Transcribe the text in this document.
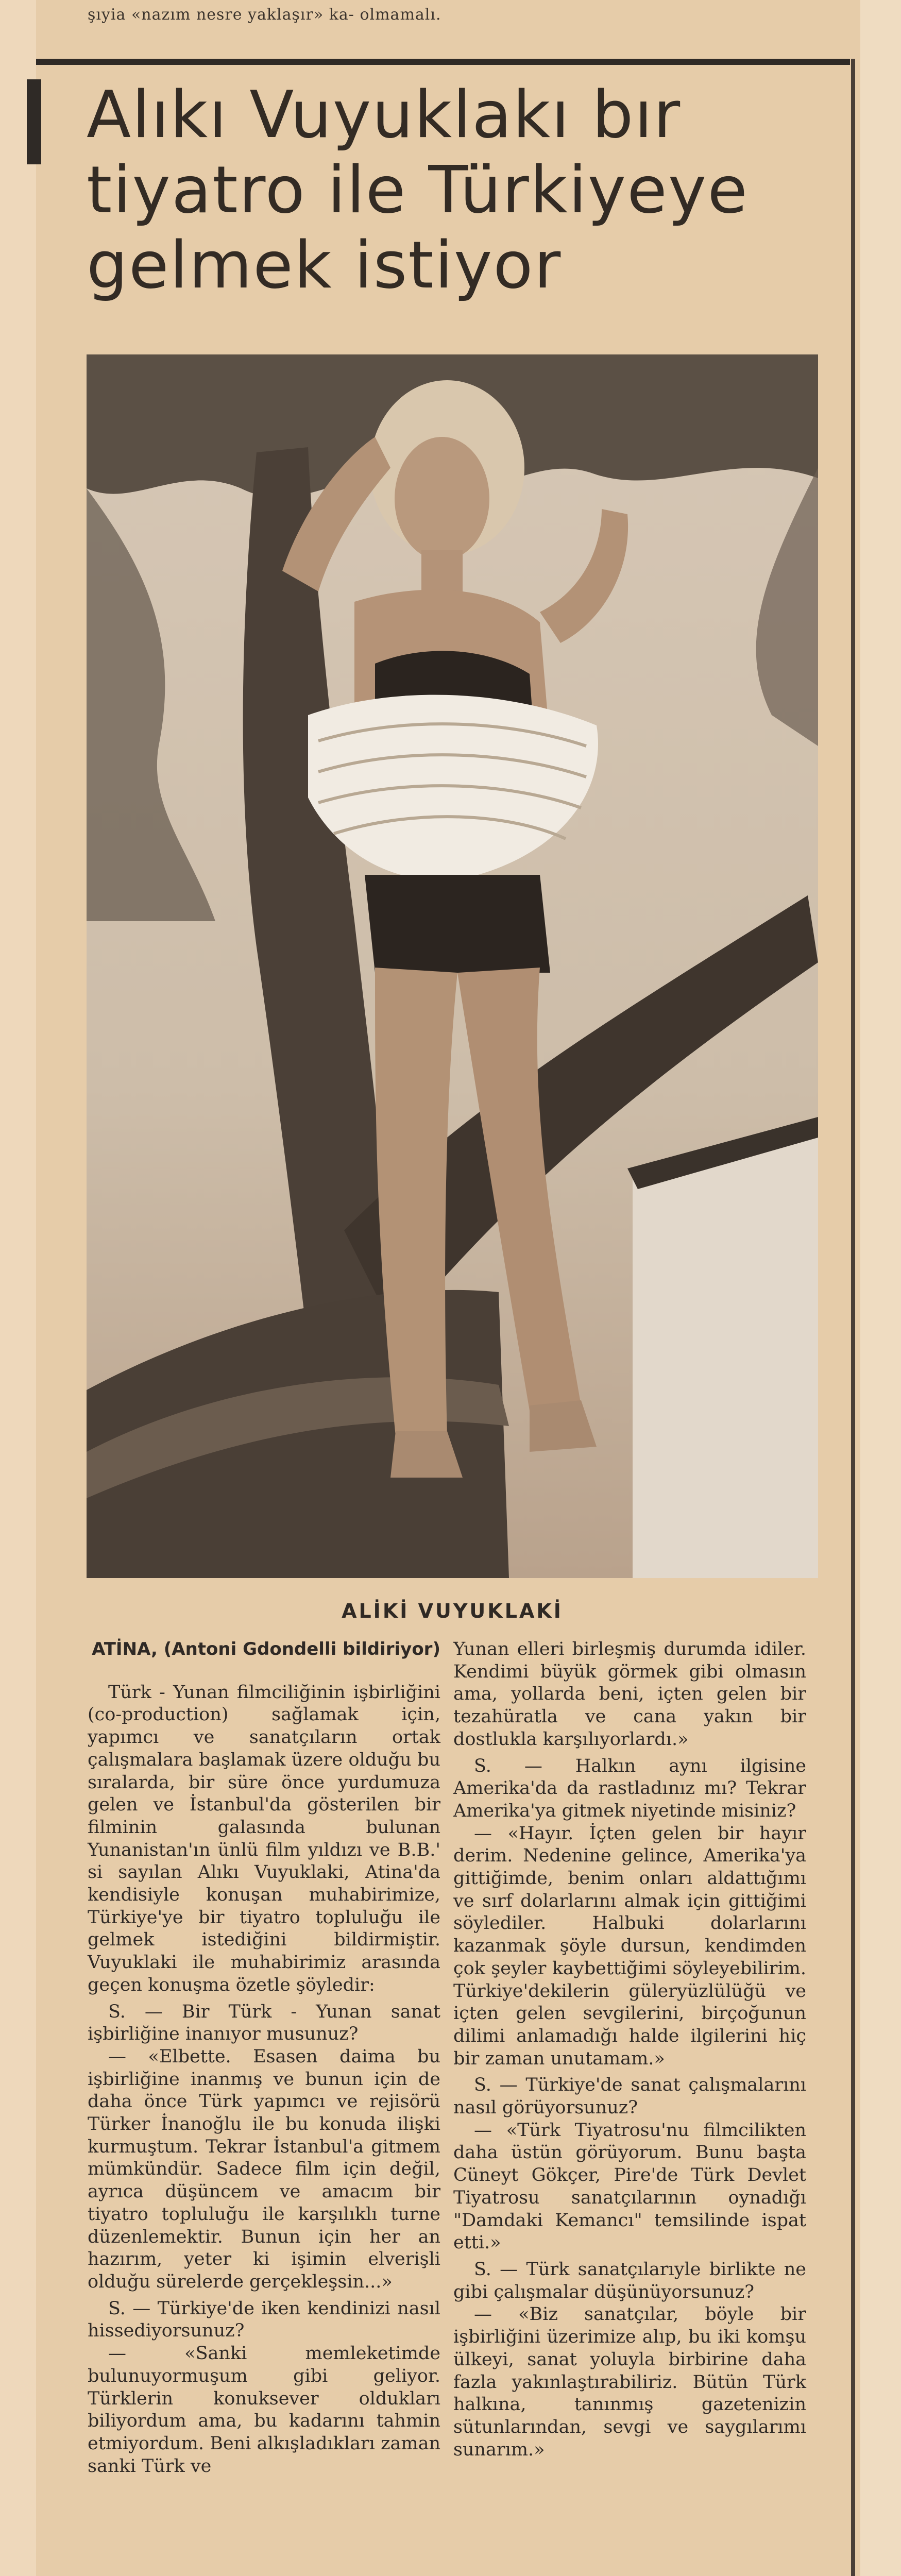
şıyia «nazım nesre yaklaşır» ka- olmamalı.
Alıkı Vuyuklakı bır
tiyatro ile Türkiyeye
gelmek istiyor
ALİKİ VUYUKLAKİ

ATİNA, (Antoni Gdondelli bildiriyor)

Türk - Yunan filmciliğinin işbirliğini (co-production) sağlamak için, yapımcı ve sanatçıların ortak çalışmalara başlamak üzere olduğu bu sıralarda, bir süre önce yurdumuza gelen ve İstanbul'da gösterilen bir filminin galasında bulunan Yunanistan'ın ünlü film yıldızı ve B.B.' si sayılan Alıkı Vuyuklaki, Atina'da kendisiyle konuşan muhabirimize, Türkiye'ye bir tiyatro topluluğu ile gelmek istediğini bildirmiştir. Vuyuklaki ile muhabirimiz arasında geçen konuşma özetle şöyledir:

S. — Bir Türk - Yunan sanat işbirliğine inanıyor musunuz?

— «Elbette. Esasen daima bu işbirliğine inanmış ve bunun için de daha önce Türk yapımcı ve rejisörü Türker İnanoğlu ile bu konuda ilişki kurmuştum. Tekrar İstanbul'a gitmem mümkündür. Sadece film için değil, ayrıca düşüncem ve amacım bir tiyatro topluluğu ile karşılıklı turne düzenlemektir. Bunun için her an hazırım, yeter ki işimin elverişli olduğu sürelerde gerçekleşsin...»

S. — Türkiye'de iken kendinizi nasıl hissediyorsunuz?

— «Sanki memleketimde bulunuyormuşum gibi geliyor. Türklerin konuksever oldukları biliyordum ama, bu kadarını tahmin etmiyordum. Beni alkışladıkları zaman sanki Türk ve

Yunan elleri birleşmiş durumda idiler. Kendimi büyük görmek gibi olmasın ama, yollarda beni, içten gelen bir tezahüratla ve cana yakın bir dostlukla karşılıyorlardı.»

S. — Halkın aynı ilgisine Amerika'da da rastladınız mı? Tekrar Amerika'ya gitmek niyetinde misiniz?

— «Hayır. İçten gelen bir hayır derim. Nedenine gelince, Amerika'ya gittiğimde, benim onları aldattığımı ve sırf dolarlarını almak için gittiğimi söylediler. Halbuki dolarlarını kazanmak şöyle dursun, kendimden çok şeyler kaybettiğimi söyleyebilirim. Türkiye'dekilerin güleryüzlülüğü ve içten gelen sevgilerini, birçoğunun dilimi anlamadığı halde ilgilerini hiç bir zaman unutamam.»

S. — Türkiye'de sanat çalışmalarını nasıl görüyorsunuz?

— «Türk Tiyatrosu'nu filmcilikten daha üstün görüyorum. Bunu başta Cüneyt Gökçer, Pire'de Türk Devlet Tiyatrosu sanatçılarının oynadığı "Damdaki Kemancı" temsilinde ispat etti.»

S. — Türk sanatçılarıyle birlikte ne gibi çalışmalar düşünüyorsunuz?

— «Biz sanatçılar, böyle bir işbirliğini üzerimize alıp, bu iki komşu ülkeyi, sanat yoluyla birbirine daha fazla yakınlaştırabiliriz. Bütün Türk halkına, tanınmış gazetenizin sütunlarından, sevgi ve saygılarımı sunarım.»
